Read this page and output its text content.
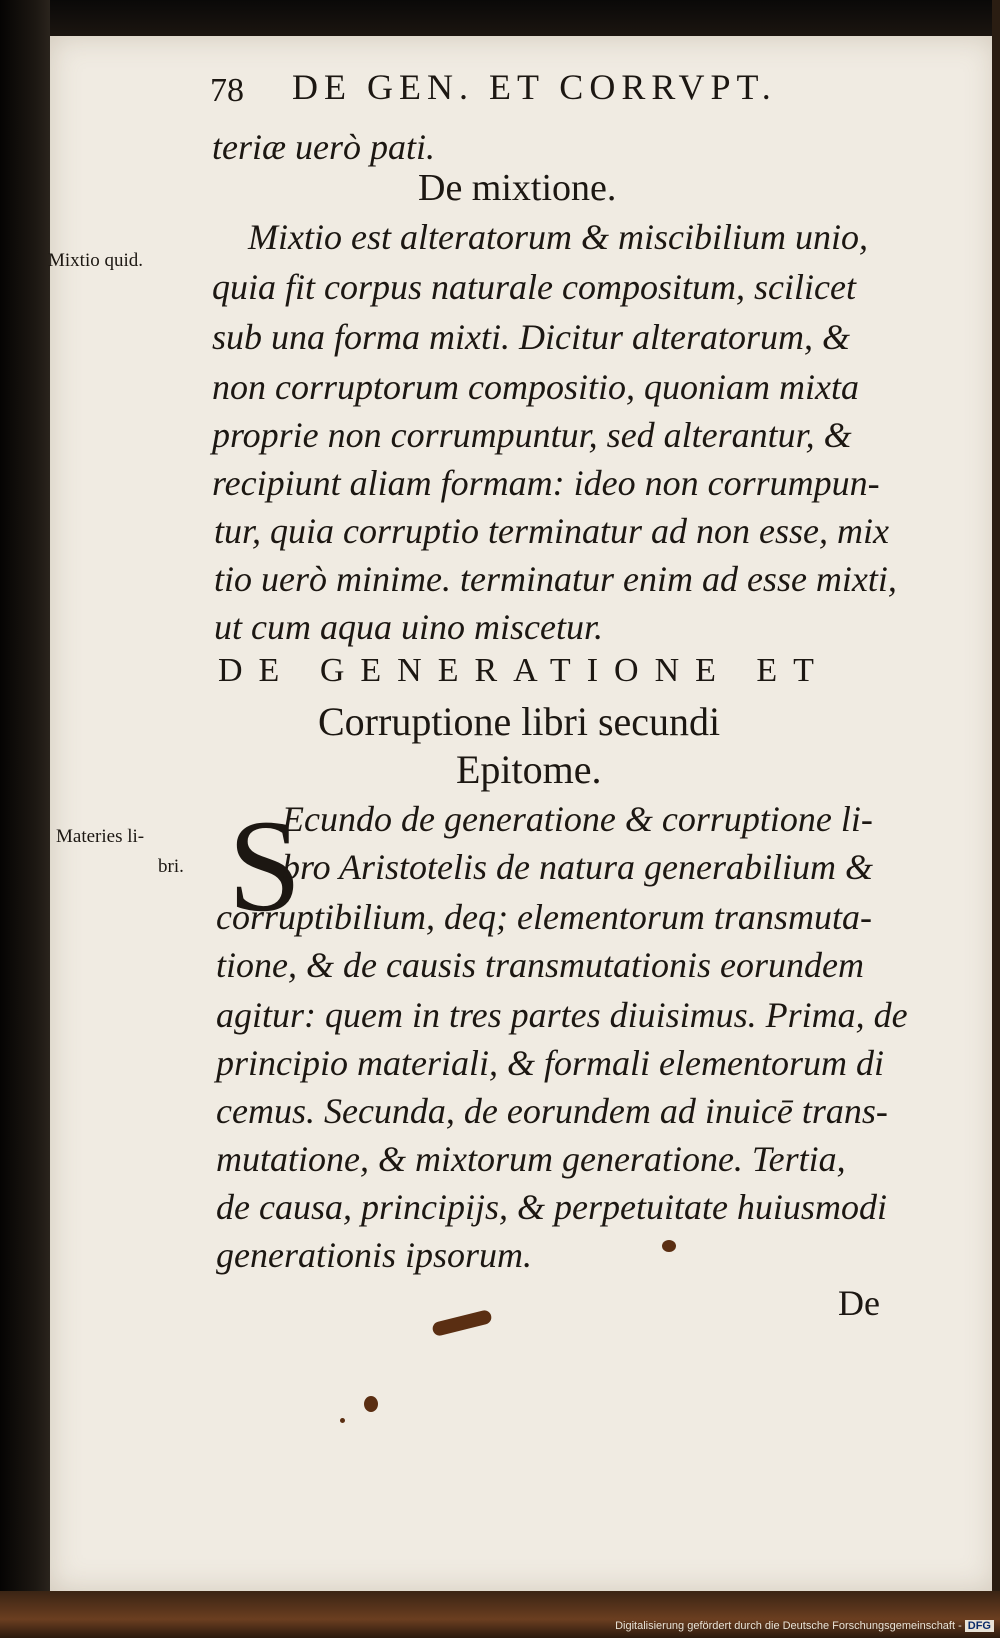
78 DE GEN. ET CORRVPT.
teriæ uerò pati.
De mixtione.
Mixtio quid.
Mixtio est alteratorum & miscibilium unio,
quia fit corpus naturale compositum, scilicet
sub una forma mixti. Dicitur alteratorum, &
non corruptorum compositio, quoniam mixta
proprie non corrumpuntur, sed alterantur, &
recipiunt aliam formam: ideo non corrumpun-
tur, quia corruptio terminatur ad non esse, mix
tio uerò minime. terminatur enim ad esse mixti,
ut cum aqua uino miscetur.
DE GENERATIONE ET
Corruptione libri secundi
Epitome.
Materies li-
bri. S
Ecundo de generatione & corruptione li-
bro Aristotelis de natura generabilium &
corruptibilium, deq; elementorum transmuta-
tione, & de causis transmutationis eorundem
agitur: quem in tres partes diuisimus. Prima, de
principio materiali, & formali elementorum di
cemus. Secunda, de eorundem ad inuicē trans-
mutatione, & mixtorum generatione. Tertia,
de causa, principijs, & perpetuitate huiusmodi
generationis ipsorum.
De
Digitalisierung gefördert durch die Deutsche Forschungsgemeinschaft - DFG
